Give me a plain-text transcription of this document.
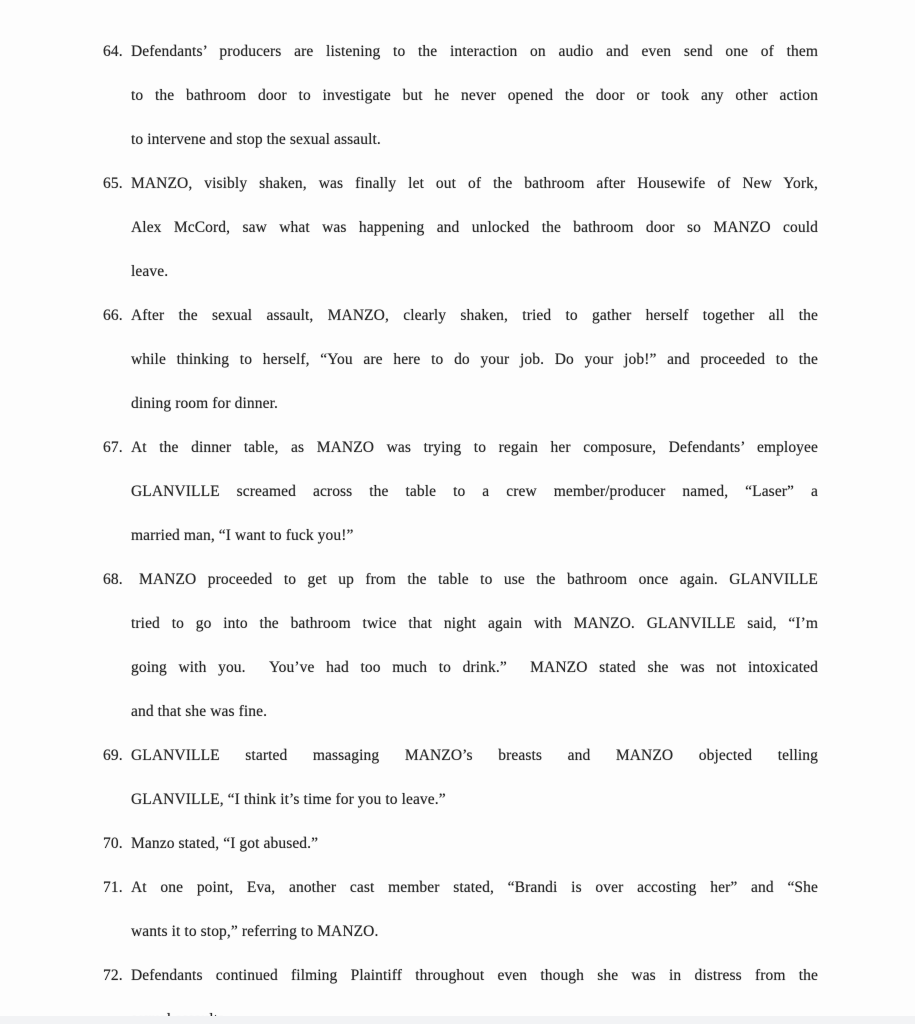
64. Defendants’ producers are listening to the interaction on audio and even send one of them
to the bathroom door to investigate but he never opened the door or took any other action
to intervene and stop the sexual assault.
65. MANZO, visibly shaken, was finally let out of the bathroom after Housewife of New York,
Alex McCord, saw what was happening and unlocked the bathroom door so MANZO could
leave.
66. After the sexual assault, MANZO, clearly shaken, tried to gather herself together all the
while thinking to herself, “You are here to do your job. Do your job!” and proceeded to the
dining room for dinner.
67. At the dinner table, as MANZO was trying to regain her composure, Defendants’ employee
GLANVILLE screamed across the table to a crew member/producer named, “Laser” a
married man, “I want to fuck you!”
68. MANZO proceeded to get up from the table to use the bathroom once again. GLANVILLE
tried to go into the bathroom twice that night again with MANZO. GLANVILLE said, “I’m
going with you.  You’ve had too much to drink.”  MANZO stated she was not intoxicated
and that she was fine.
69. GLANVILLE started massaging MANZO’s breasts and MANZO objected telling
GLANVILLE, “I think it’s time for you to leave.”
70. Manzo stated, “I got abused.”
71. At one point, Eva, another cast member stated, “Brandi is over accosting her” and “She
wants it to stop,” referring to MANZO.
72. Defendants continued filming Plaintiff throughout even though she was in distress from the
